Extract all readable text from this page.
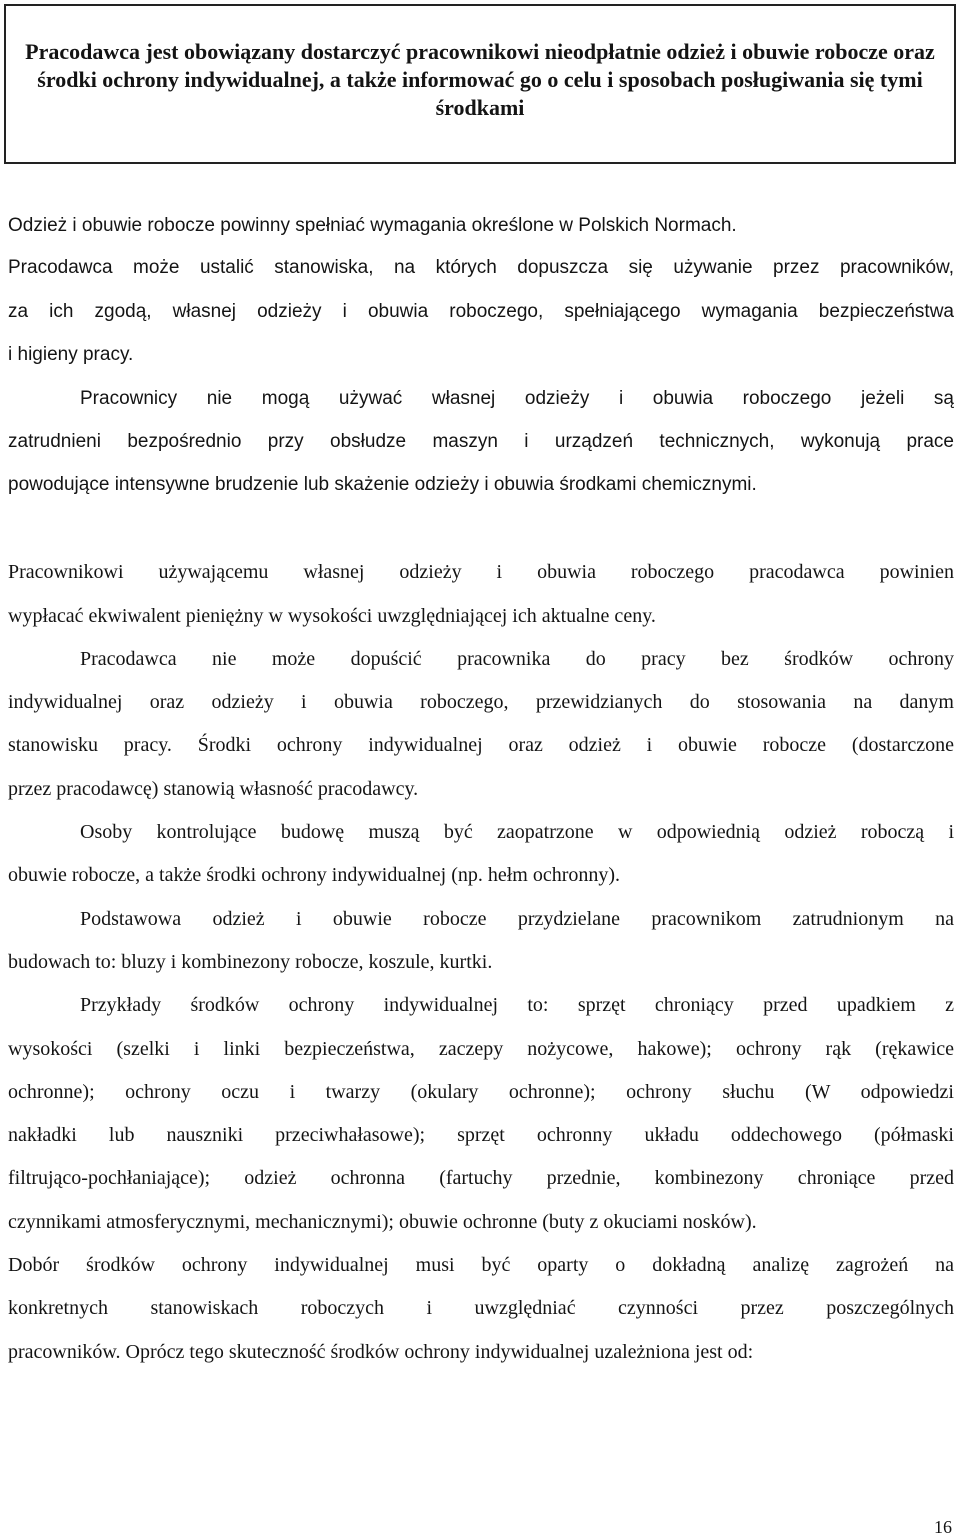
Pracodawca jest obowiązany dostarczyć pracownikowi nieodpłatnie odzież i obuwie robocze oraz środki ochrony indywidualnej, a także informować go o celu i sposobach posługiwania się tymi środkami

Odzież i obuwie robocze powinny spełniać wymagania określone w Polskich Normach.

Pracodawca może ustalić stanowiska, na których dopuszcza się używanie przez pracowników,

za ich zgodą, własnej odzieży i obuwia roboczego, spełniającego wymagania bezpieczeństwa

i higieny pracy.

Pracownicy nie mogą używać własnej odzieży i obuwia roboczego jeżeli są

zatrudnieni bezpośrednio przy obsłudze maszyn i urządzeń technicznych, wykonują prace

powodujące intensywne brudzenie lub skażenie odzieży i obuwia środkami chemicznymi.

Pracownikowi używającemu własnej odzieży i obuwia roboczego pracodawca powinien

wypłacać ekwiwalent pieniężny w wysokości uwzględniającej ich aktualne ceny.

Pracodawca nie może dopuścić pracownika do pracy bez środków ochrony

indywidualnej oraz odzieży i obuwia roboczego, przewidzianych do stosowania na danym

stanowisku pracy. Środki ochrony indywidualnej oraz odzież i obuwie robocze (dostarczone

przez pracodawcę) stanowią własność pracodawcy.

Osoby kontrolujące budowę muszą być zaopatrzone w odpowiednią odzież roboczą i

obuwie robocze, a także środki ochrony indywidualnej (np. hełm ochronny).

Podstawowa odzież i obuwie robocze przydzielane pracownikom zatrudnionym na

budowach to: bluzy i kombinezony robocze, koszule, kurtki.

Przykłady środków ochrony indywidualnej to: sprzęt chroniący przed upadkiem z

wysokości (szelki i linki bezpieczeństwa, zaczepy nożycowe, hakowe); ochrony rąk (rękawice

ochronne); ochrony oczu i twarzy (okulary ochronne); ochrony słuchu (W odpowiedzi

nakładki lub nauszniki przeciwhałasowe); sprzęt ochronny układu oddechowego (półmaski

filtrująco-pochłaniające); odzież ochronna (fartuchy przednie, kombinezony chroniące przed

czynnikami atmosferycznymi, mechanicznymi); obuwie ochronne (buty z okuciami nosków).

Dobór środków ochrony indywidualnej musi być oparty o dokładną analizę zagrożeń na

konkretnych stanowiskach roboczych i uwzględniać czynności przez poszczególnych

pracowników. Oprócz tego skuteczność środków ochrony indywidualnej uzależniona jest od:

16
